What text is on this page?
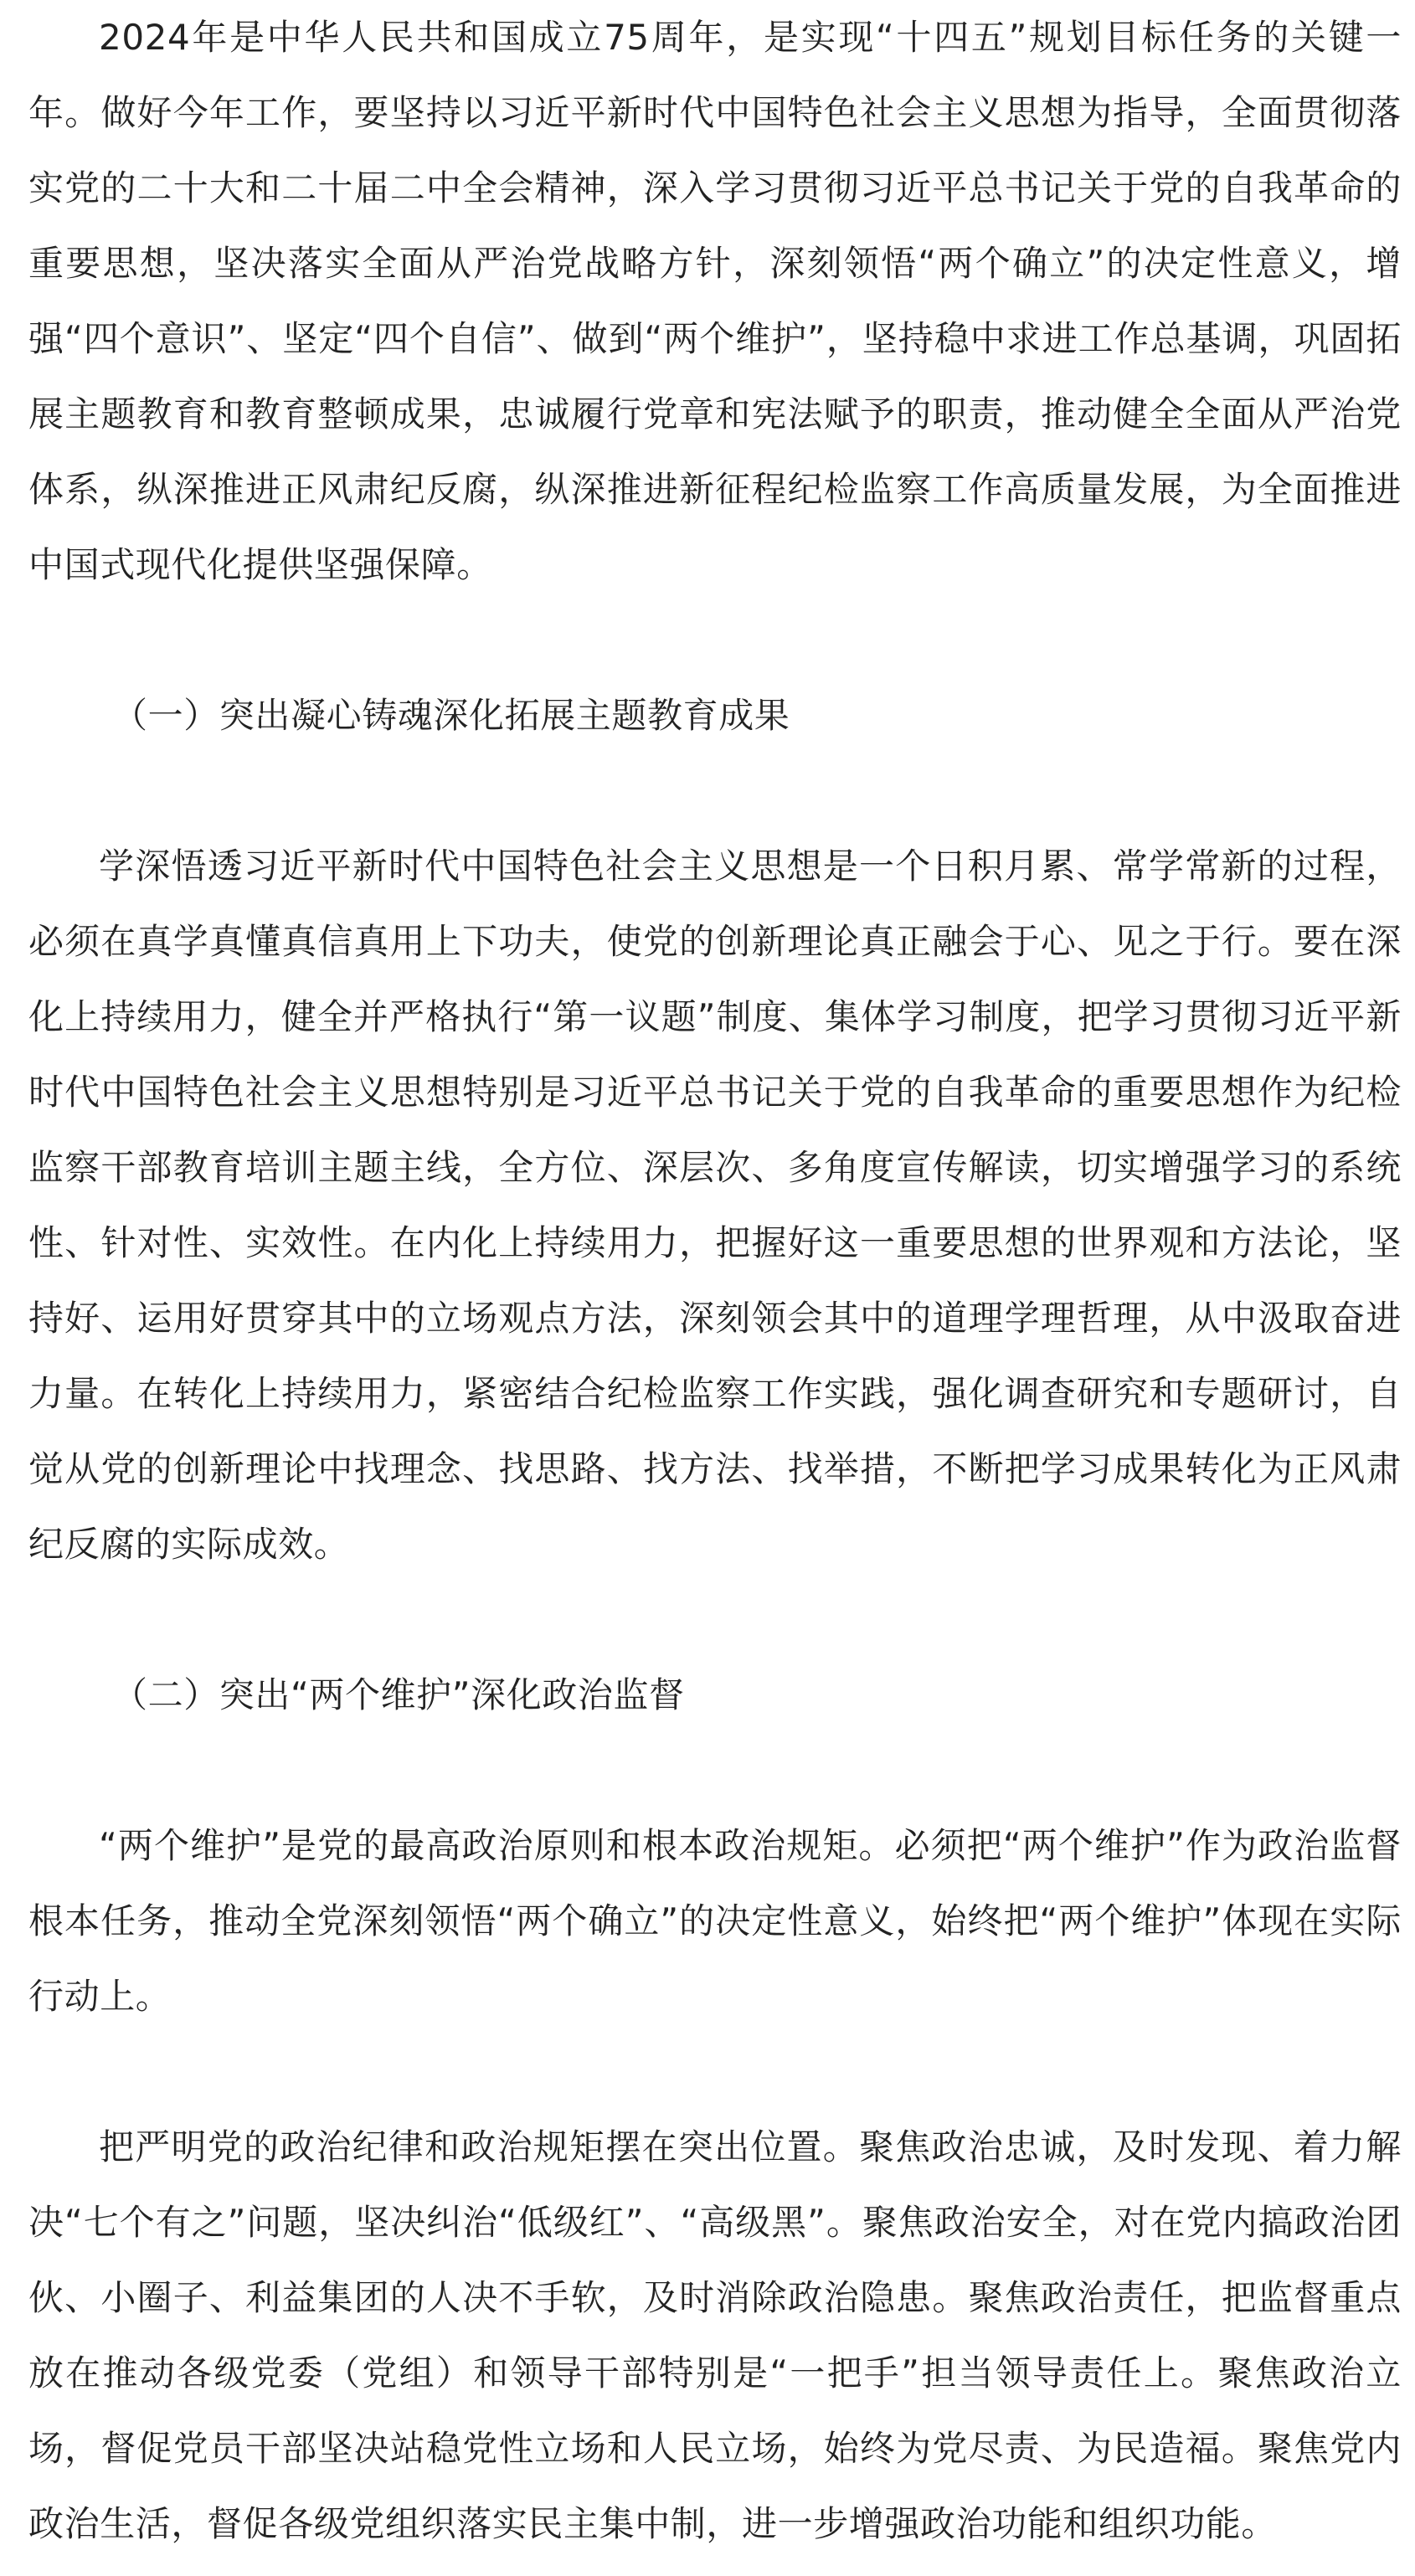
2024年是中华人民共和国成立75周年，是实现“十四五”规划目标任务的关键一年。做好今年工作，要坚持以习近平新时代中国特色社会主义思想为指导，全面贯彻落实党的二十大和二十届二中全会精神，深入学习贯彻习近平总书记关于党的自我革命的重要思想，坚决落实全面从严治党战略方针，深刻领悟“两个确立”的决定性意义，增强“四个意识”、坚定“四个自信”、做到“两个维护”，坚持稳中求进工作总基调，巩固拓展主题教育和教育整顿成果，忠诚履行党章和宪法赋予的职责，推动健全全面从严治党体系，纵深推进正风肃纪反腐，纵深推进新征程纪检监察工作高质量发展，为全面推进中国式现代化提供坚强保障。

（一）突出凝心铸魂深化拓展主题教育成果

学深悟透习近平新时代中国特色社会主义思想是一个日积月累、常学常新的过程，必须在真学真懂真信真用上下功夫，使党的创新理论真正融会于心、见之于行。要在深化上持续用力，健全并严格执行“第一议题”制度、集体学习制度，把学习贯彻习近平新时代中国特色社会主义思想特别是习近平总书记关于党的自我革命的重要思想作为纪检监察干部教育培训主题主线，全方位、深层次、多角度宣传解读，切实增强学习的系统性、针对性、实效性。在内化上持续用力，把握好这一重要思想的世界观和方法论，坚持好、运用好贯穿其中的立场观点方法，深刻领会其中的道理学理哲理，从中汲取奋进力量。在转化上持续用力，紧密结合纪检监察工作实践，强化调查研究和专题研讨，自觉从党的创新理论中找理念、找思路、找方法、找举措，不断把学习成果转化为正风肃纪反腐的实际成效。

（二）突出“两个维护”深化政治监督

“两个维护”是党的最高政治原则和根本政治规矩。必须把“两个维护”作为政治监督根本任务，推动全党深刻领悟“两个确立”的决定性意义，始终把“两个维护”体现在实际行动上。

把严明党的政治纪律和政治规矩摆在突出位置。聚焦政治忠诚，及时发现、着力解决“七个有之”问题，坚决纠治“低级红”、“高级黑”。聚焦政治安全，对在党内搞政治团伙、小圈子、利益集团的人决不手软，及时消除政治隐患。聚焦政治责任，把监督重点放在推动各级党委（党组）和领导干部特别是“一把手”担当领导责任上。聚焦政治立场，督促党员干部坚决站稳党性立场和人民立场，始终为党尽责、为民造福。聚焦党内政治生活，督促各级党组织落实民主集中制，进一步增强政治功能和组织功能。
